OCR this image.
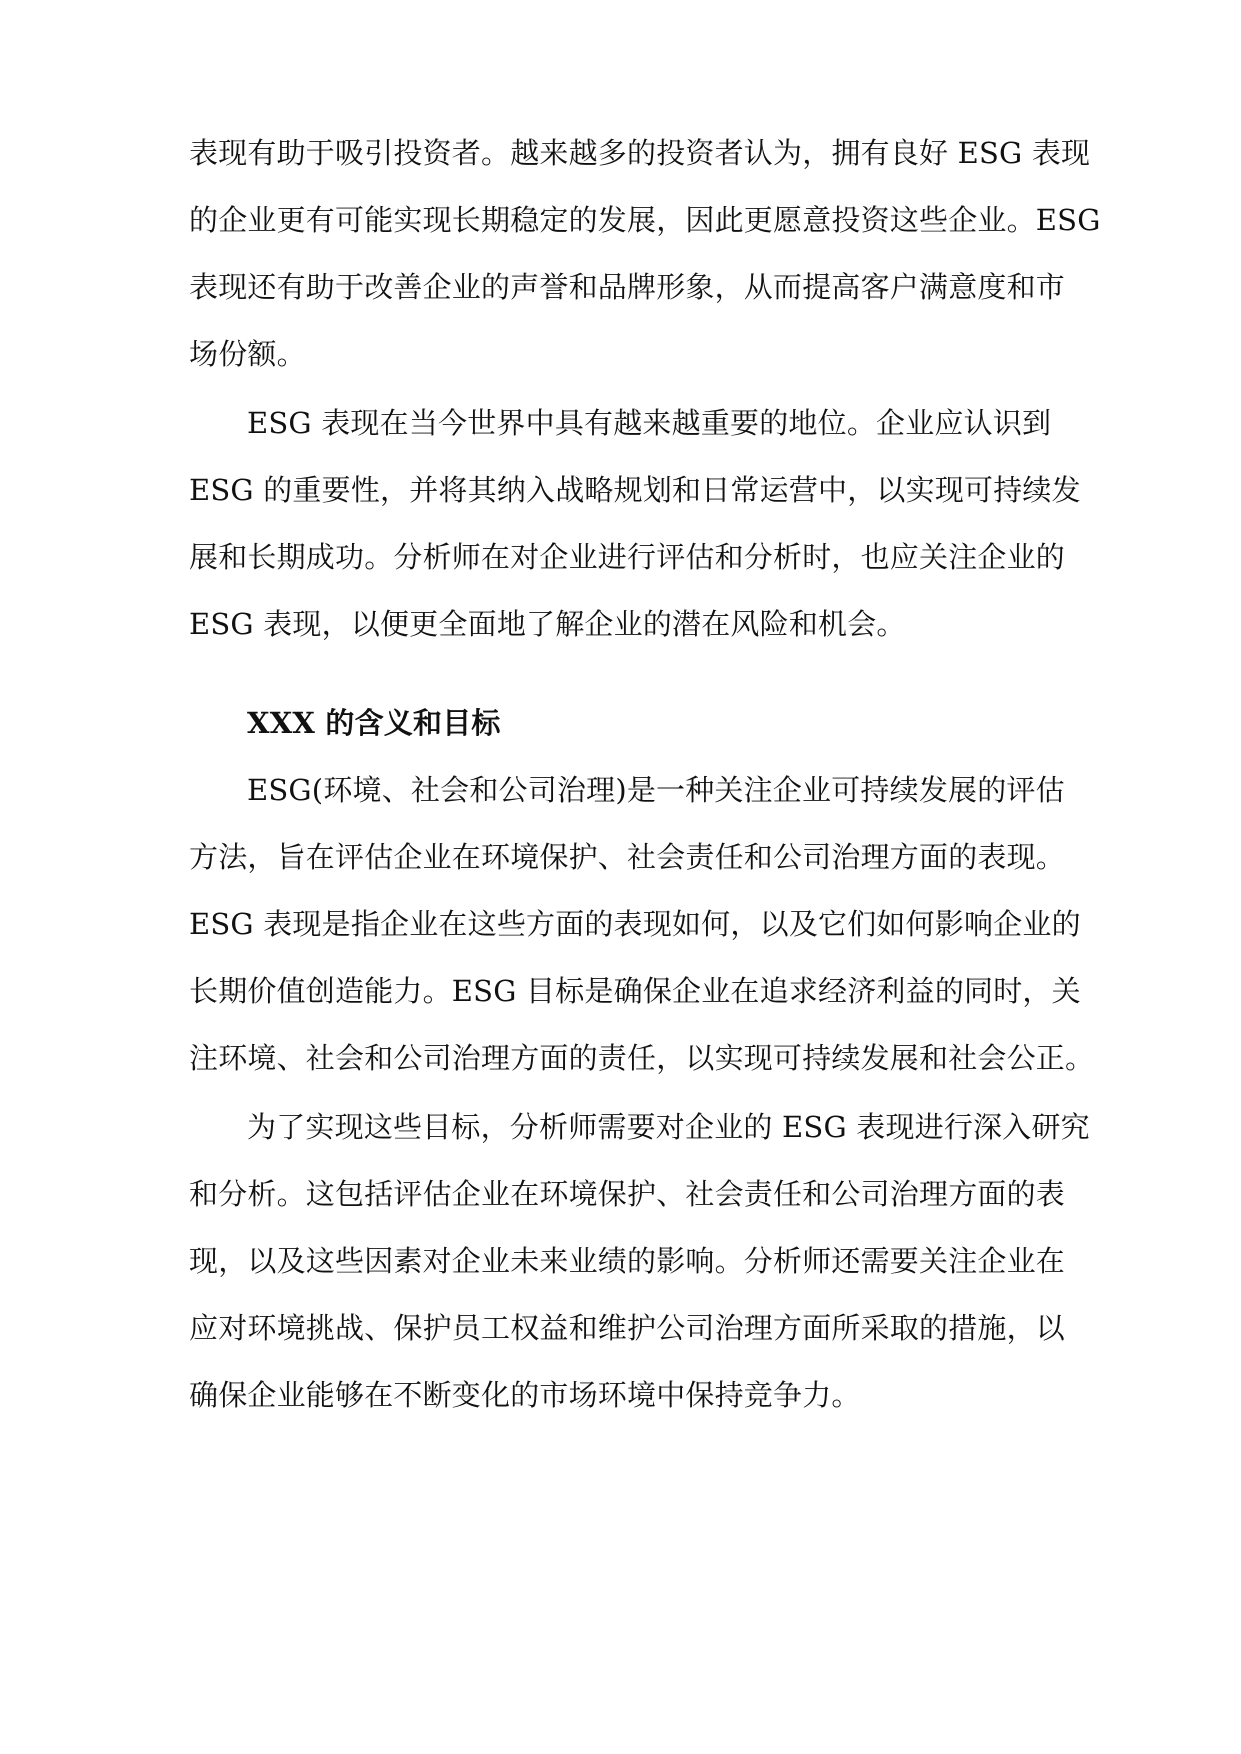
表现有助于吸引投资者。越来越多的投资者认为，拥有良好 ESG 表现
的企业更有可能实现长期稳定的发展，因此更愿意投资这些企业。ESG
表现还有助于改善企业的声誉和品牌形象，从而提高客户满意度和市
场份额。
ESG 表现在当今世界中具有越来越重要的地位。企业应认识到
ESG 的重要性，并将其纳入战略规划和日常运营中，以实现可持续发
展和长期成功。分析师在对企业进行评估和分析时，也应关注企业的
ESG 表现，以便更全面地了解企业的潜在风险和机会。
XXX 的含义和目标
ESG(环境、社会和公司治理)是一种关注企业可持续发展的评估
方法，旨在评估企业在环境保护、社会责任和公司治理方面的表现。
ESG 表现是指企业在这些方面的表现如何，以及它们如何影响企业的
长期价值创造能力。ESG 目标是确保企业在追求经济利益的同时，关
注环境、社会和公司治理方面的责任，以实现可持续发展和社会公正。
为了实现这些目标，分析师需要对企业的 ESG 表现进行深入研究
和分析。这包括评估企业在环境保护、社会责任和公司治理方面的表
现，以及这些因素对企业未来业绩的影响。分析师还需要关注企业在
应对环境挑战、保护员工权益和维护公司治理方面所采取的措施，以
确保企业能够在不断变化的市场环境中保持竞争力。
